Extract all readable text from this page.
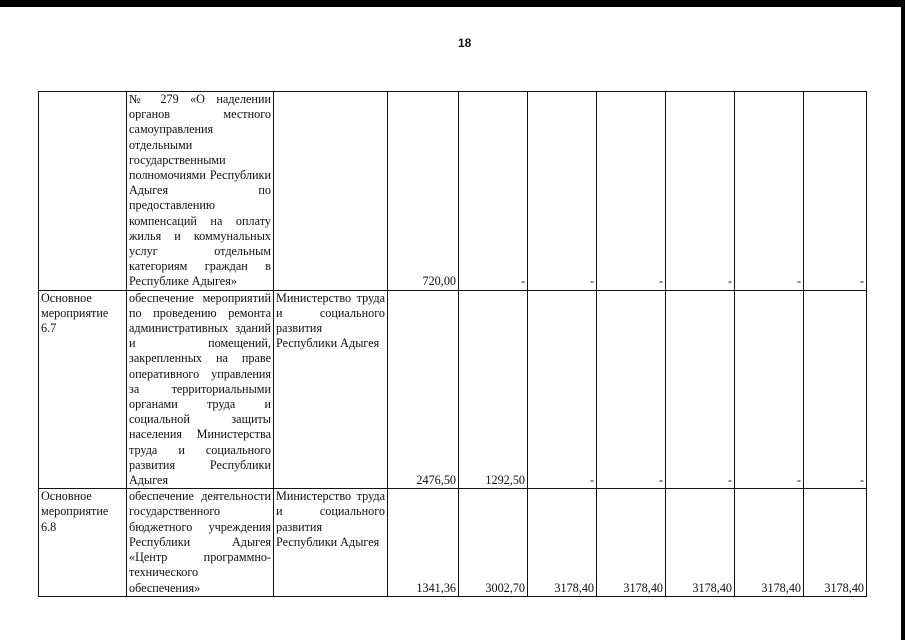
18
	№ 279 «О наделении органов местного самоуправления отдельными государственными полномочиями Республики Адыгея по предоставлению компенсаций на оплату жилья и коммунальных услуг отдельным категориям граждан в Республике Адыгея»		720,00	-	-	-	-	-	-
Основное мероприятие 6.7	обеспечение мероприятий по проведению ремонта административных зданий и помещений, закрепленных на праве оперативного управления за территориальными органами труда и социальной защиты населения Министерства труда и социального развития Республики Адыгея	Министерство труда и социального развития Республики Адыгея	2476,50	1292,50	-	-	-	-	-
Основное мероприятие 6.8	обеспечение деятельности государственного бюджетного учреждения Республики Адыгея «Центр программно-технического обеспечения»	Министерство труда и социального развития Республики Адыгея	1341,36	3002,70	3178,40	3178,40	3178,40	3178,40	3178,40
